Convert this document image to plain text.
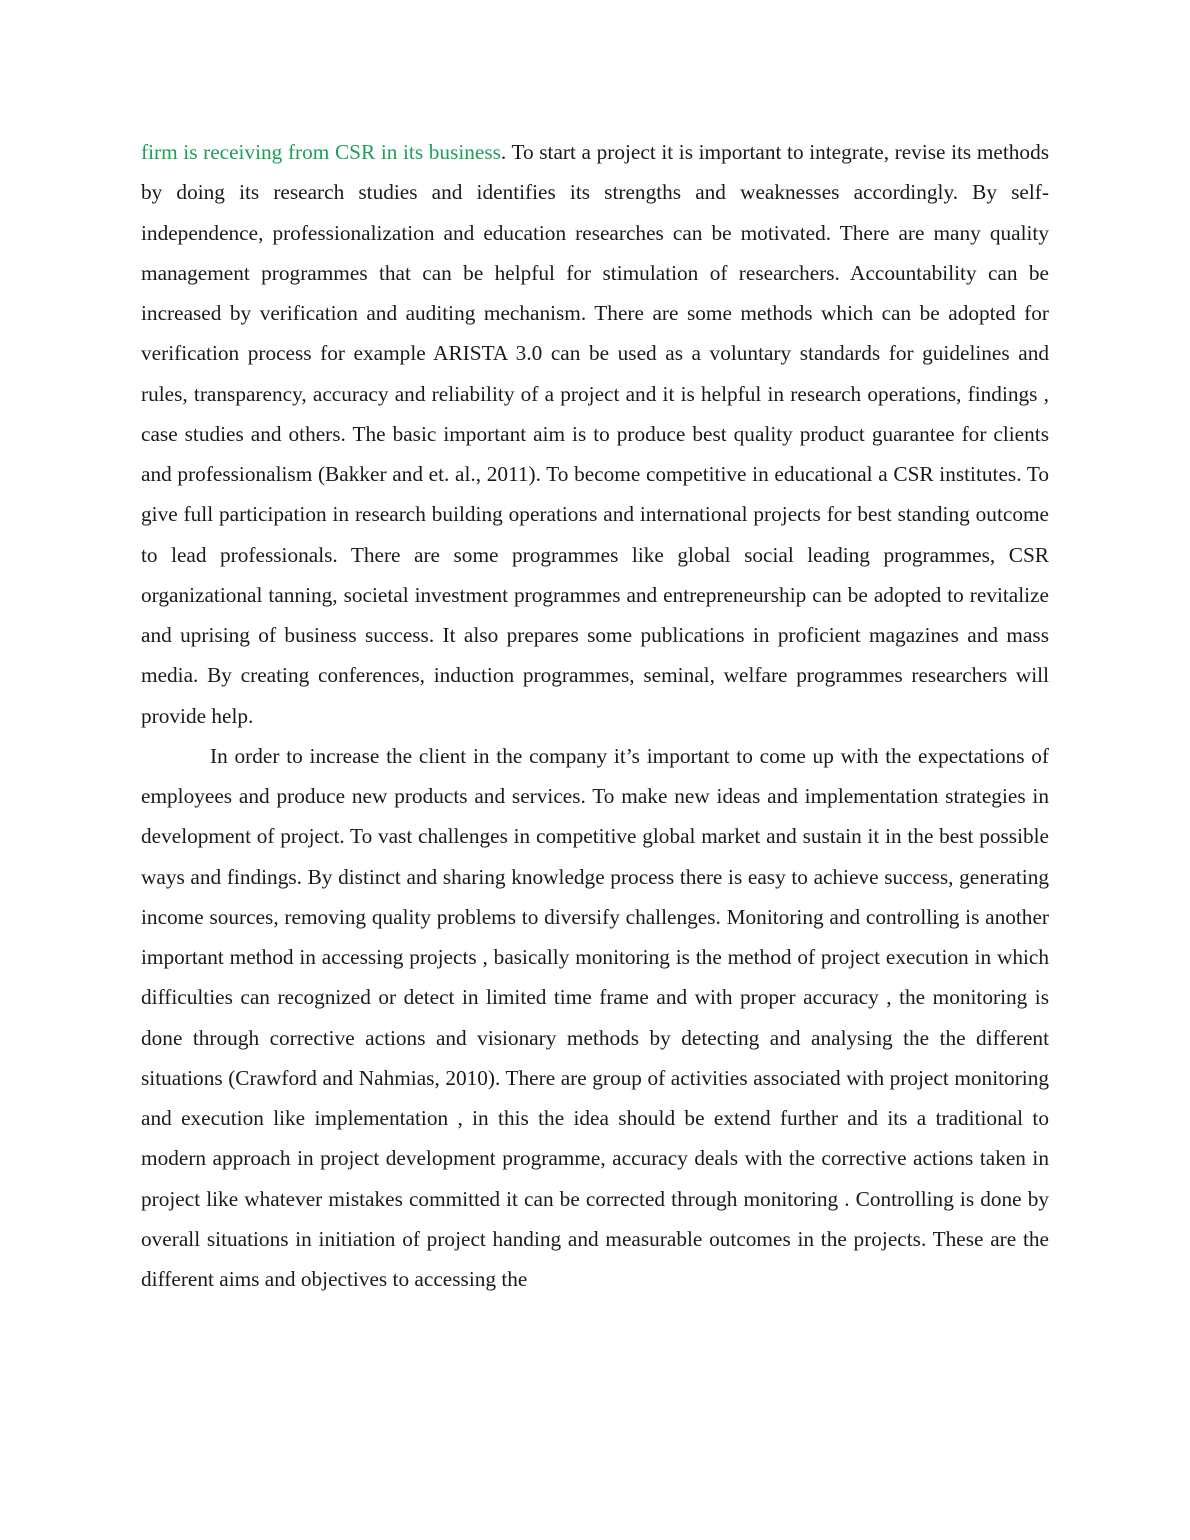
firm is receiving from CSR in its business. To start a project it is important to integrate, revise its methods by doing its research studies and identifies its strengths and weaknesses accordingly. By self-independence, professionalization and education researches can be motivated. There are many quality management programmes that can be helpful for stimulation of researchers. Accountability can be increased by verification and auditing mechanism. There are some methods which can be adopted for verification process for example ARISTA 3.0 can be used as a voluntary standards for guidelines and rules, transparency, accuracy and reliability of a project and it is helpful in research operations, findings , case studies and others. The basic important aim is to produce best quality product guarantee for clients and professionalism (Bakker and et. al., 2011). To become competitive in educational a CSR institutes. To give full participation in research building operations and international projects for best standing outcome to lead professionals. There are some programmes like global social leading programmes, CSR organizational tanning, societal investment programmes and entrepreneurship can be adopted to revitalize and uprising of business success. It also prepares some publications in proficient magazines and mass media. By creating conferences, induction programmes, seminal, welfare programmes researchers will provide help.

In order to increase the client in the company it’s important to come up with the expectations of employees and produce new products and services. To make new ideas and implementation strategies in development of project. To vast challenges in competitive global market and sustain it in the best possible ways and findings. By distinct and sharing knowledge process there is easy to achieve success, generating income sources, removing quality problems to diversify challenges. Monitoring and controlling is another important method in accessing projects , basically monitoring is the method of project execution in which difficulties can recognized or detect in limited time frame and with proper accuracy , the monitoring is done through corrective actions and visionary methods by detecting and analysing the the different situations (Crawford and Nahmias, 2010). There are group of activities associated with project monitoring and execution like implementation , in this the idea should be extend further and its a traditional to modern approach in project development programme, accuracy deals with the corrective actions taken in project like whatever mistakes committed it can be corrected through monitoring . Controlling is done by overall situations in initiation of project handing and measurable outcomes in the projects. These are the different aims and objectives to accessing the
